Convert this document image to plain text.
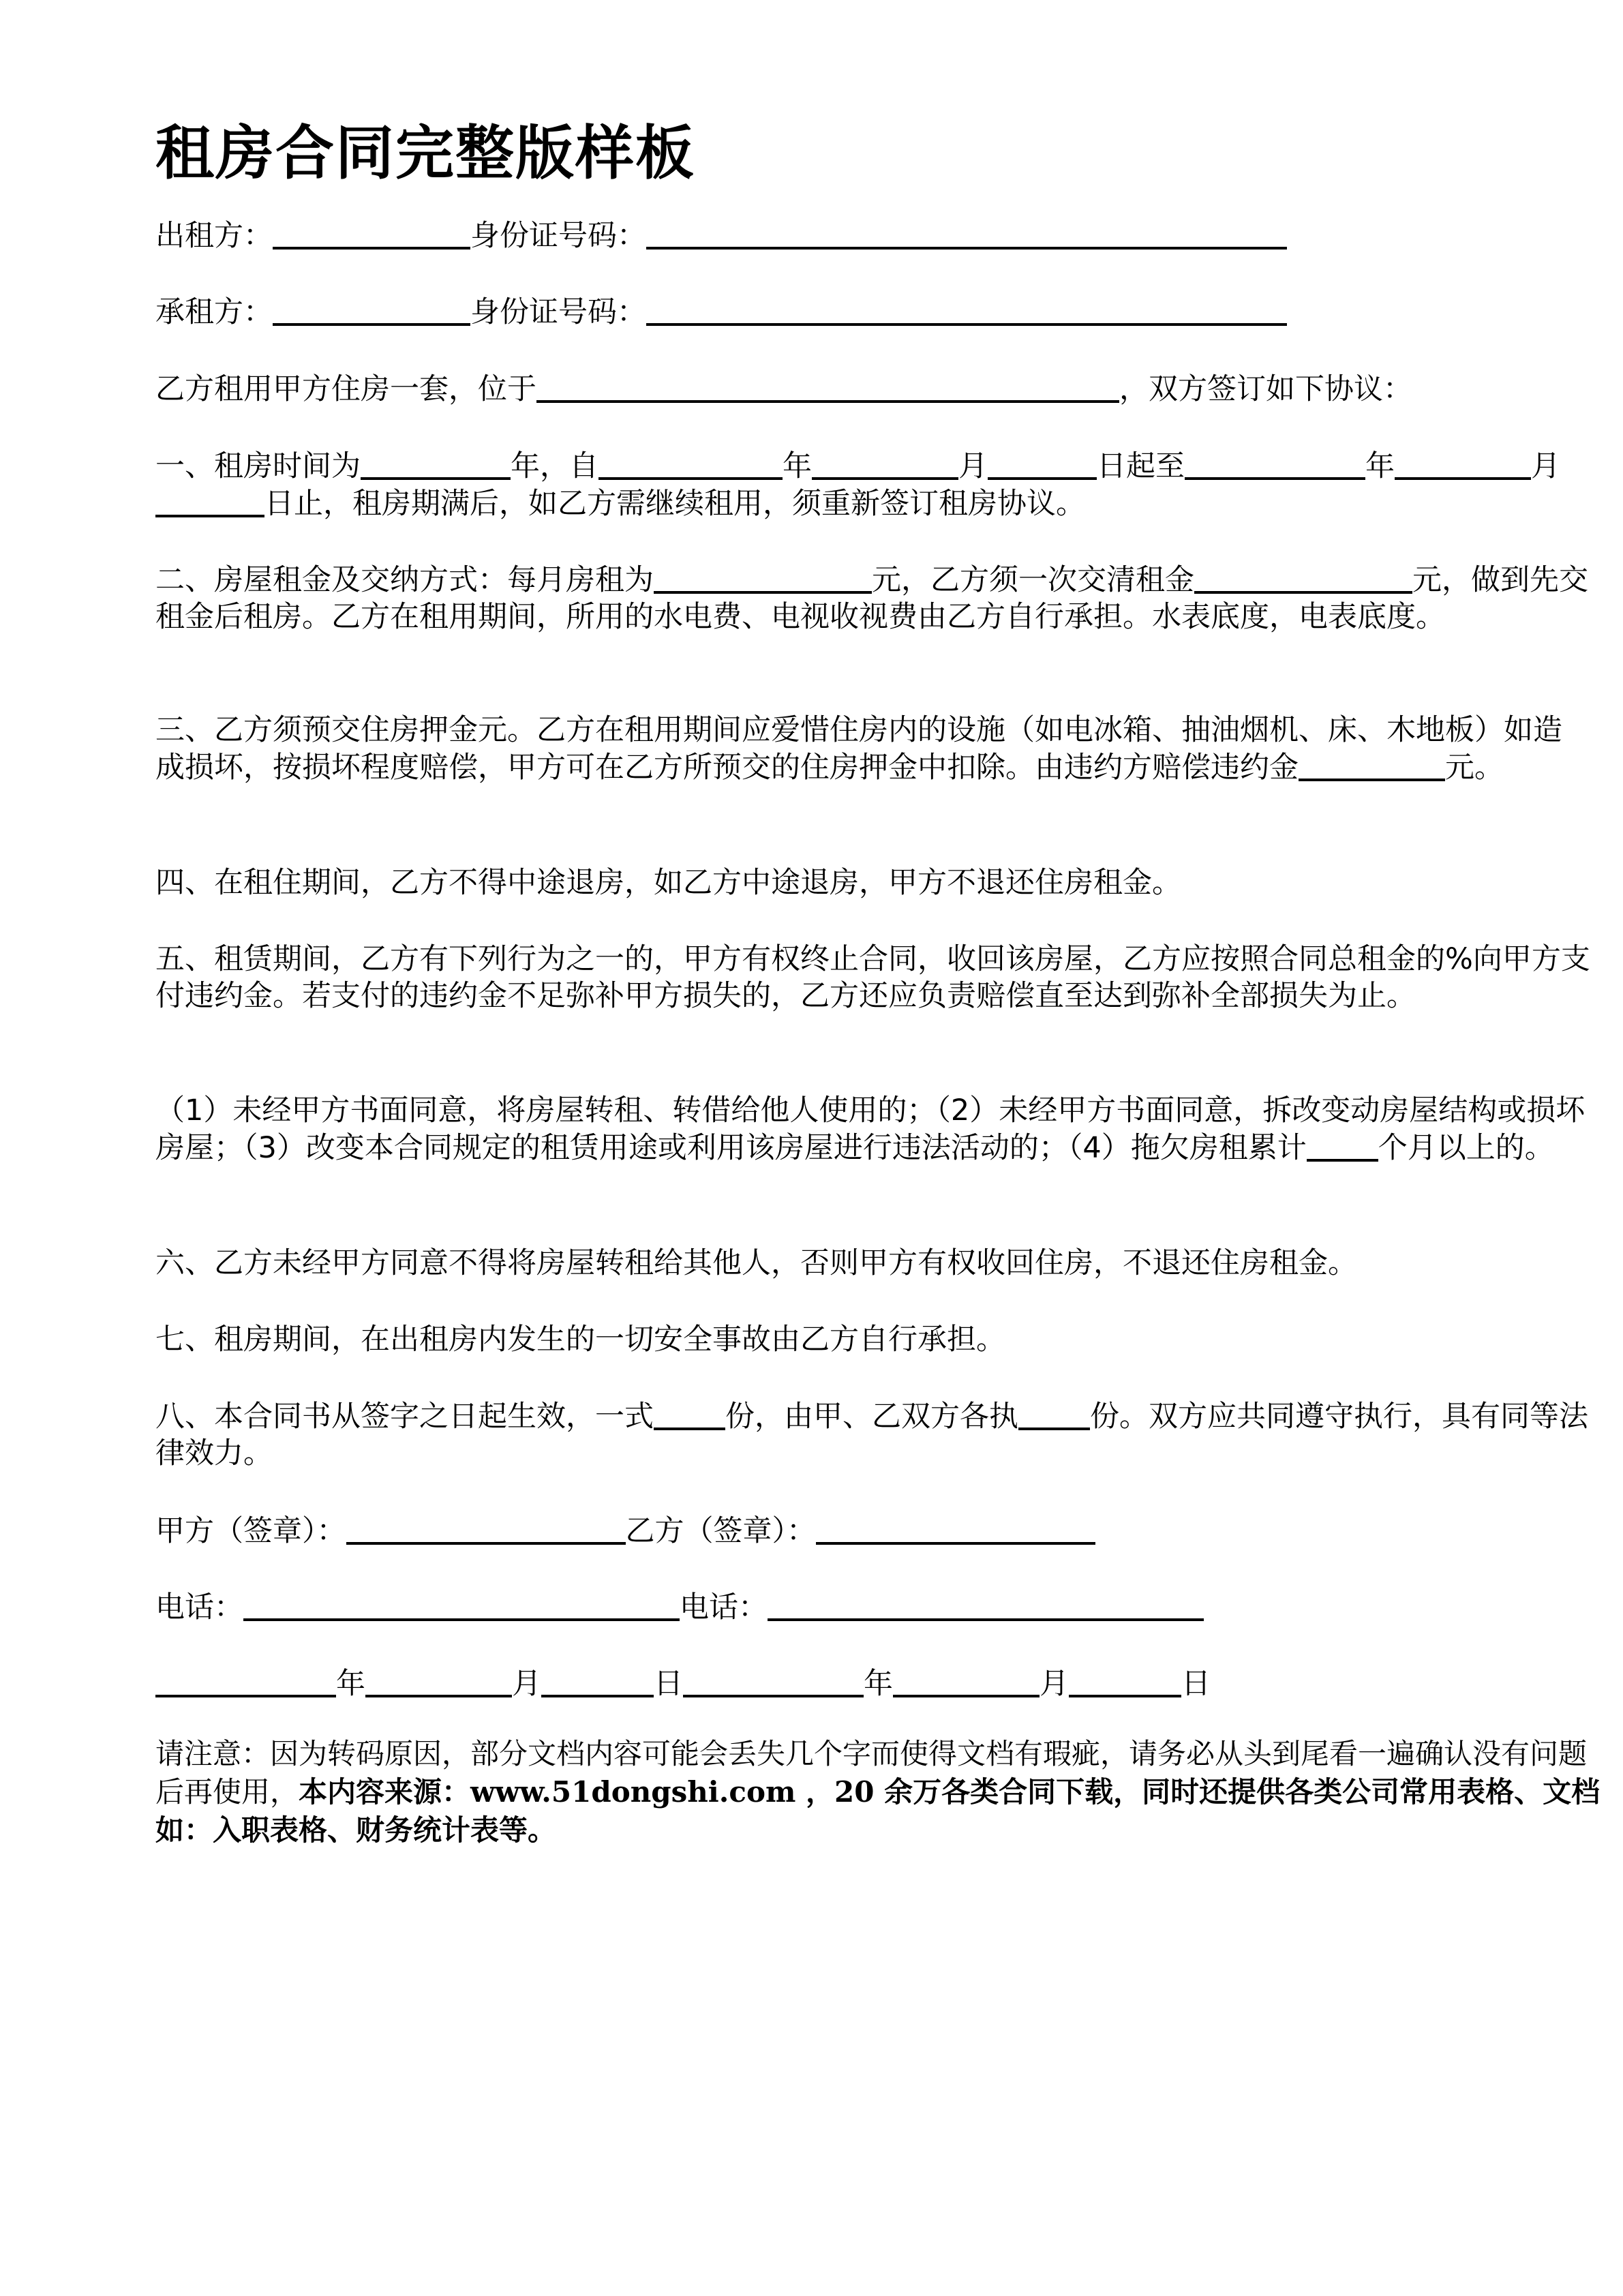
租房合同完整版样板
出租方：	身份证号码：
承租方：	身份证号码：
乙方租用甲方住房一套，位于	，双方签订如下协议：
一、租房时间为	年，自	年	月	日起至	年	月日止，租房期满后，如乙方需继续租用，须重新签订租房协议。
二、房屋租金及交纳方式：每月房租为	元，乙方须一次交清租金	元，做到先交租金后租房。乙方在租用期间，所用的水电费、电视收视费由乙方自行承担。水表底度，电表底度。
三、乙方须预交住房押金元。乙方在租用期间应爱惜住房内的设施（如电冰箱、抽油烟机、床、木地板）如造成损坏，按损坏程度赔偿，甲方可在乙方所预交的住房押金中扣除。由违约方赔偿违约金	元。
四、在租住期间，乙方不得中途退房，如乙方中途退房，甲方不退还住房租金。
五、租赁期间，乙方有下列行为之一的，甲方有权终止合同，收回该房屋，乙方应按照合同总租金的%向甲方支付违约金。若支付的违约金不足弥补甲方损失的，乙方还应负责赔偿直至达到弥补全部损失为止。
（1）未经甲方书面同意，将房屋转租、转借给他人使用的；（2）未经甲方书面同意，拆改变动房屋结构或损坏房屋；（3）改变本合同规定的租赁用途或利用该房屋进行违法活动的；（4）拖欠房租累计 个月以上的。
六、乙方未经甲方同意不得将房屋转租给其他人，否则甲方有权收回住房，不退还住房租金。
七、租房期间，在出租房内发生的一切安全事故由乙方自行承担。
八、本合同书从签字之日起生效，一式 份，由甲、乙双方各执 份。双方应共同遵守执行，具有同等法律效力。
甲方（签章）：	乙方（签章）：
电话：	电话：
年	月	日	年	月	日
请注意：因为转码原因，部分文档内容可能会丢失几个字而使得文档有瑕疵，请务必从头到尾看一遍确认没有问题后再使用，本内容来源：www.51dongshi.com ，20 余万各类合同下载，同时还提供各类公司常用表格、文档如：入职表格、财务统计表等。
